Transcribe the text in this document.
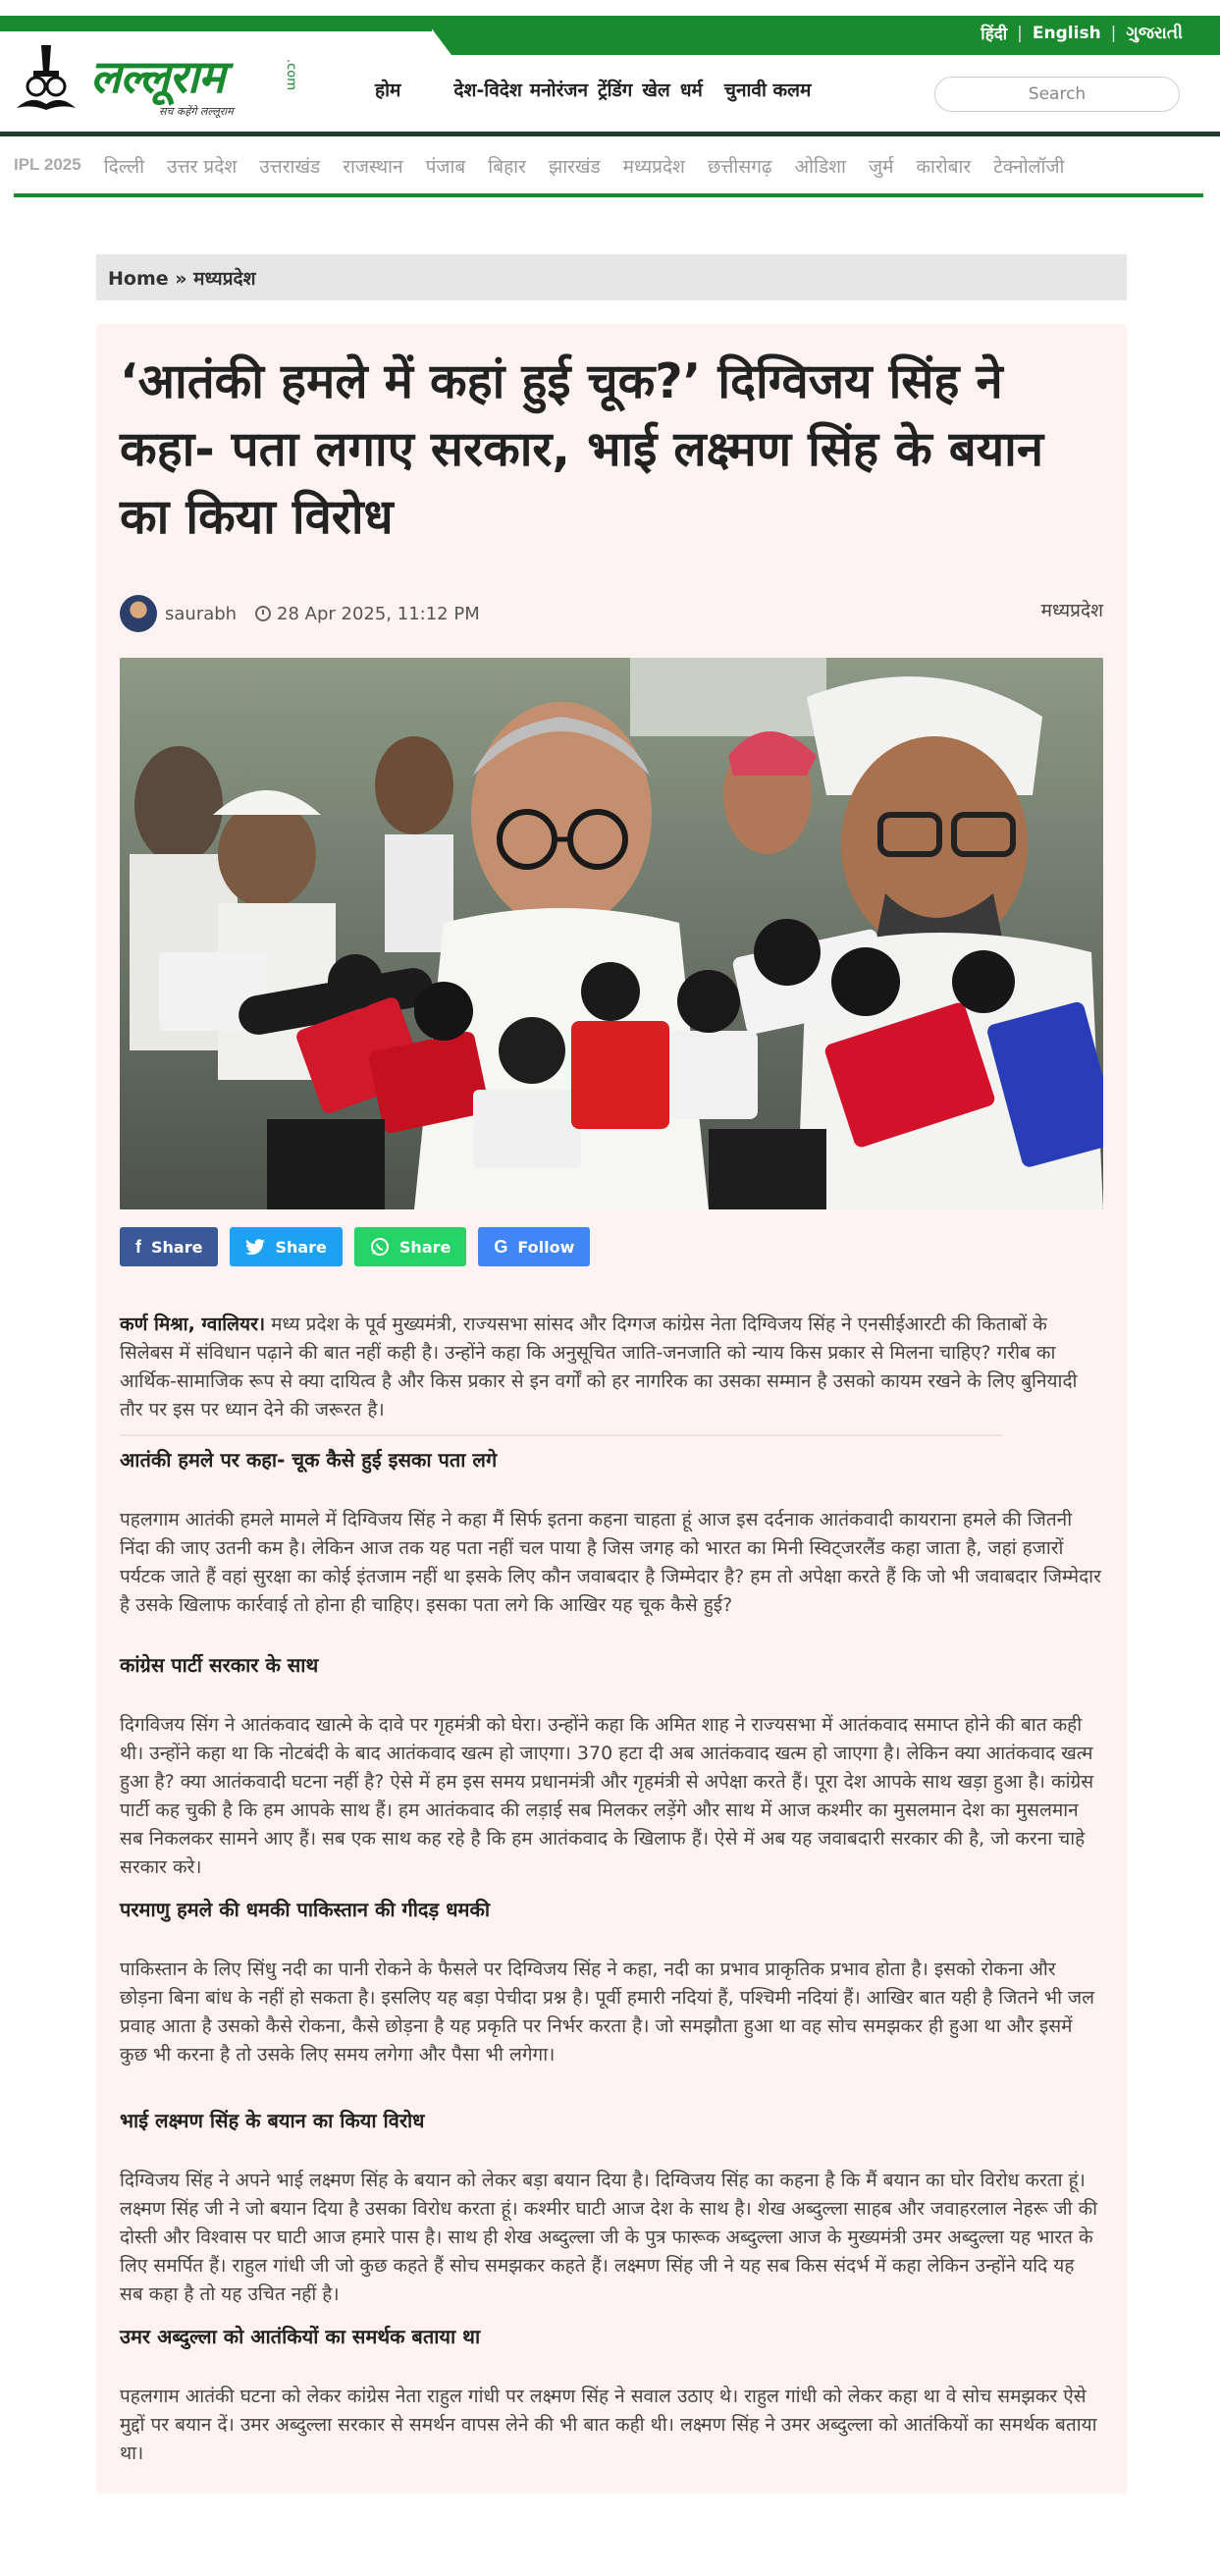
हिंदी | English | ગુજરાતી
लल्लूराम	.com
सच कहेंगे लल्लूराम
होम	देश-विदेश मनोरंजन ट्रेंडिंग खेल धर्म चुनावी कलम
Search
IPL 2025 दिल्ली उत्तर प्रदेश उत्तराखंड राजस्थान पंजाब बिहार झारखंड मध्यप्रदेश छत्तीसगढ़ ओडिशा जुर्म कारोबार टेक्नोलॉजी
Home » मध्यप्रदेश
‘आतंकी हमले में कहां हुई चूक?’ दिग्विजय सिंह ने कहा- पता लगाए सरकार, भाई लक्ष्मण सिंह के बयान का किया विरोध
saurabh 28 Apr 2025, 11:12 PM	मध्यप्रदेश
f Share	Share	Share G Follow

कर्ण मिश्रा, ग्वालियर। मध्य प्रदेश के पूर्व मुख्यमंत्री, राज्यसभा सांसद और दिग्गज कांग्रेस नेता दिग्विजय सिंह ने एनसीईआरटी की किताबों के सिलेबस में संविधान पढ़ाने की बात नहीं कही है। उन्होंने कहा कि अनुसूचित जाति-जनजाति को न्याय किस प्रकार से मिलना चाहिए? गरीब का आर्थिक-सामाजिक रूप से क्या दायित्व है और किस प्रकार से इन वर्गों को हर नागरिक का उसका सम्मान है उसको कायम रखने के लिए बुनियादी तौर पर इस पर ध्यान देने की जरूरत है।

आतंकी हमले पर कहा- चूक कैसे हुई इसका पता लगे

पहलगाम आतंकी हमले मामले में दिग्विजय सिंह ने कहा मैं सिर्फ इतना कहना चाहता हूं आज इस दर्दनाक आतंकवादी कायराना हमले की जितनी निंदा की जाए उतनी कम है। लेकिन आज तक यह पता नहीं चल पाया है जिस जगह को भारत का मिनी स्विट्जरलैंड कहा जाता है, जहां हजारों पर्यटक जाते हैं वहां सुरक्षा का कोई इंतजाम नहीं था इसके लिए कौन जवाबदार है जिम्मेदार है? हम तो अपेक्षा करते हैं कि जो भी जवाबदार जिम्मेदार है उसके खिलाफ कार्रवाई तो होना ही चाहिए। इसका पता लगे कि आखिर यह चूक कैसे हुई?

कांग्रेस पार्टी सरकार के साथ

दिगविजय सिंग ने आतंकवाद खात्मे के दावे पर गृहमंत्री को घेरा। उन्होंने कहा कि अमित शाह ने राज्यसभा में आतंकवाद समाप्त होने की बात कही थी। उन्होंने कहा था कि नोटबंदी के बाद आतंकवाद खत्म हो जाएगा। 370 हटा दी अब आतंकवाद खत्म हो जाएगा है। लेकिन क्या आतंकवाद खत्म हुआ है? क्या आतंकवादी घटना नहीं है? ऐसे में हम इस समय प्रधानमंत्री और गृहमंत्री से अपेक्षा करते हैं। पूरा देश आपके साथ खड़ा हुआ है। कांग्रेस पार्टी कह चुकी है कि हम आपके साथ हैं। हम आतंकवाद की लड़ाई सब मिलकर लड़ेंगे और साथ में आज कश्मीर का मुसलमान देश का मुसलमान सब निकलकर सामने आए हैं। सब एक साथ कह रहे है कि हम आतंकवाद के खिलाफ हैं। ऐसे में अब यह जवाबदारी सरकार की है, जो करना चाहे सरकार करे।

परमाणु हमले की धमकी पाकिस्तान की गीदड़ धमकी

पाकिस्तान के लिए सिंधु नदी का पानी रोकने के फैसले पर दिग्विजय सिंह ने कहा, नदी का प्रभाव प्राकृतिक प्रभाव होता है। इसको रोकना और छोड़ना बिना बांध के नहीं हो सकता है। इसलिए यह बड़ा पेचीदा प्रश्न है। पूर्वी हमारी नदियां हैं, पश्चिमी नदियां हैं। आखिर बात यही है जितने भी जल प्रवाह आता है उसको कैसे रोकना, कैसे छोड़ना है यह प्रकृति पर निर्भर करता है। जो समझौता हुआ था वह सोच समझकर ही हुआ था और इसमें कुछ भी करना है तो उसके लिए समय लगेगा और पैसा भी लगेगा।

भाई लक्ष्मण सिंह के बयान का किया विरोध

दिग्विजय सिंह ने अपने भाई लक्ष्मण सिंह के बयान को लेकर बड़ा बयान दिया है। दिग्विजय सिंह का कहना है कि मैं बयान का घोर विरोध करता हूं। लक्ष्मण सिंह जी ने जो बयान दिया है उसका विरोध करता हूं। कश्मीर घाटी आज देश के साथ है। शेख अब्दुल्ला साहब और जवाहरलाल नेहरू जी की दोस्ती और विश्वास पर घाटी आज हमारे पास है। साथ ही शेख अब्दुल्ला जी के पुत्र फारूक अब्दुल्ला आज के मुख्यमंत्री उमर अब्दुल्ला यह भारत के लिए समर्पित हैं। राहुल गांधी जी जो कुछ कहते हैं सोच समझकर कहते हैं। लक्ष्मण सिंह जी ने यह सब किस संदर्भ में कहा लेकिन उन्होंने यदि यह सब कहा है तो यह उचित नहीं है।

उमर अब्दुल्ला को आतंकियों का समर्थक बताया था

पहलगाम आतंकी घटना को लेकर कांग्रेस नेता राहुल गांधी पर लक्ष्मण सिंह ने सवाल उठाए थे। राहुल गांधी को लेकर कहा था वे सोच समझकर ऐसे मुद्दों पर बयान दें। उमर अब्दुल्ला सरकार से समर्थन वापस लेने की भी बात कही थी। लक्ष्मण सिंह ने उमर अब्दुल्ला को आतंकियों का समर्थक बताया था।
